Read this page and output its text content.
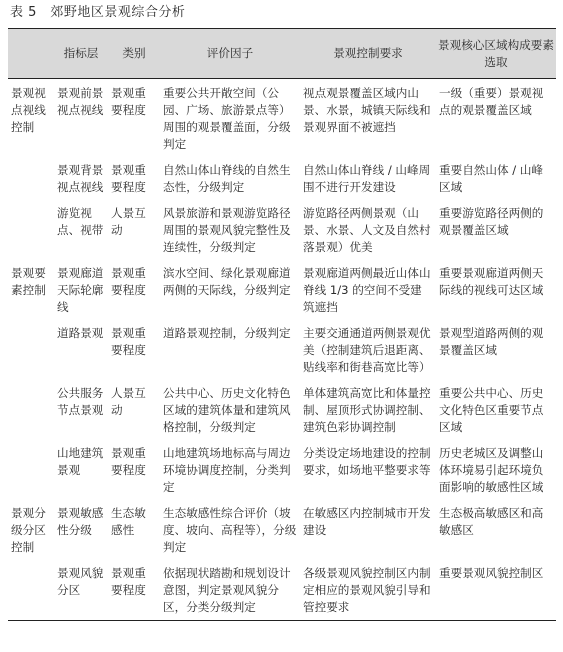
表 5　郊野地区景观综合分析
	指标层	类别	评价因子	景观控制要求	景观核心区域构成要素选取
景观视点视线控制	景观前景视点视线	景观重要程度	重要公共开敞空间（公园、广场、旅游景点等）周围的观景覆盖面，分级判定	视点观景覆盖区域内山景、水景，城镇天际线和景观界面不被遮挡	一级（重要）景观视点的观景覆盖区域
	景观背景视点视线	景观重要程度	自然山体山脊线的自然生态性，分级判定	自然山体山脊线 / 山峰周围不进行开发建设	重要自然山体 / 山峰区域
	游览视点、视带	人景互动	风景旅游和景观游览路径周围的景观风貌完整性及连续性，分级判定	游览路径两侧景观（山景、水景、人文及自然村落景观）优美	重要游览路径两侧的观景覆盖区域
景观要素控制	景观廊道天际轮廓线	景观重要程度	滨水空间、绿化景观廊道两侧的天际线，分级判定	景观廊道两侧最近山体山脊线 1/3 的空间不受建筑遮挡	重要景观廊道两侧天际线的视线可达区域
	道路景观	景观重要程度	道路景观控制，分级判定	主要交通通道两侧景观优美（控制建筑后退距离、贴线率和街巷高宽比等）	景观型道路两侧的观景覆盖区域
	公共服务节点景观	人景互动	公共中心、历史文化特色区域的建筑体量和建筑风格控制，分级判定	单体建筑高宽比和体量控制、屋顶形式协调控制、建筑色彩协调控制	重要公共中心、历史文化特色区重要节点区域
	山地建筑景观	景观重要程度	山地建筑场地标高与周边环境协调度控制，分类判定	分类设定场地建设的控制要求，如场地平整要求等	历史老城区及调整山体环境易引起环境负面影响的敏感性区域
景观分级分区控制	景观敏感性分级	生态敏感性	生态敏感性综合评价（坡度、坡向、高程等），分级判定	在敏感区内控制城市开发建设	生态极高敏感区和高敏感区
	景观风貌分区	景观重要程度	依据现状踏勘和规划设计意图，判定景观风貌分区，分类分级判定	各级景观风貌控制区内制定相应的景观风貌引导和管控要求	重要景观风貌控制区
